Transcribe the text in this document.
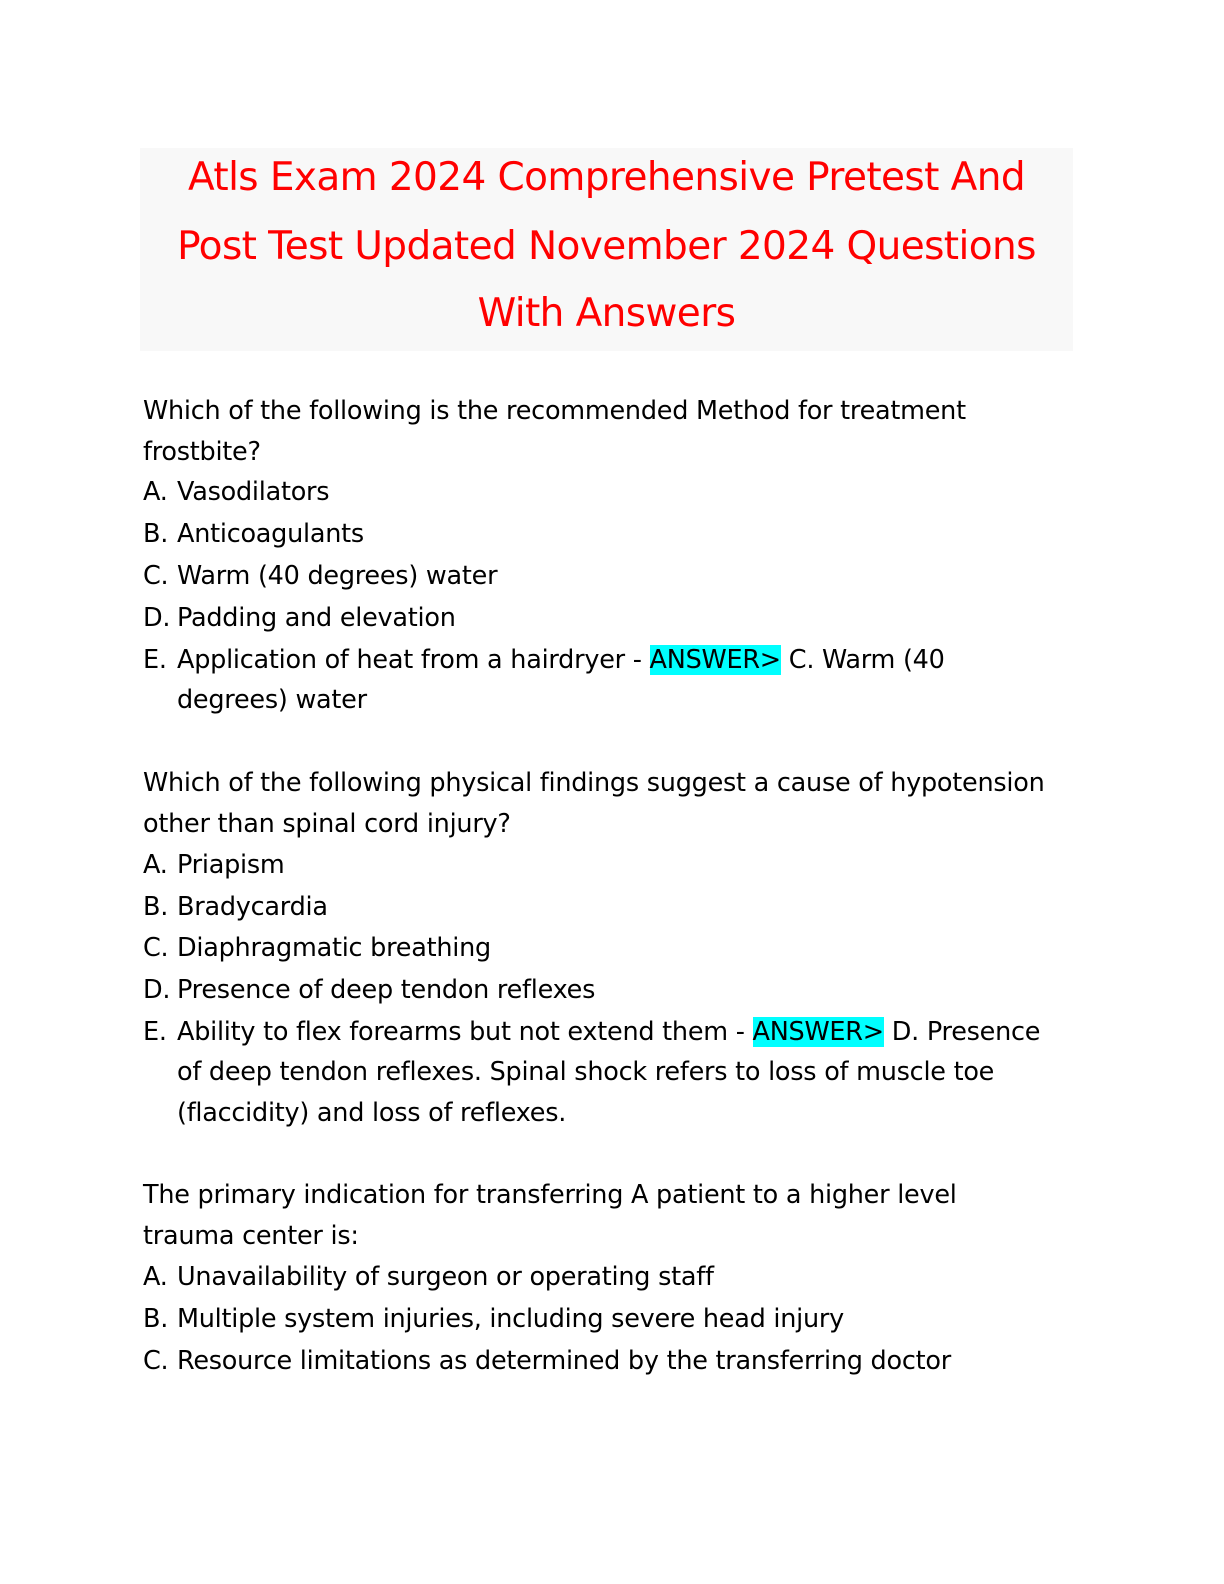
Atls Exam 2024 Comprehensive Pretest And
Post Test Updated November 2024 Questions
With Answers
Which of the following is the recommended Method for treatment
frostbite?
A. Vasodilators
B. Anticoagulants
C. Warm (40 degrees) water
D. Padding and elevation
E. Application of heat from a hairdryer - ANSWER> C. Warm (40
degrees) water
Which of the following physical findings suggest a cause of hypotension
other than spinal cord injury?
A. Priapism
B. Bradycardia
C. Diaphragmatic breathing
D. Presence of deep tendon reflexes
E. Ability to flex forearms but not extend them - ANSWER> D. Presence
of deep tendon reflexes. Spinal shock refers to loss of muscle toe
(flaccidity) and loss of reflexes.
The primary indication for transferring A patient to a higher level
trauma center is:
A. Unavailability of surgeon or operating staff
B. Multiple system injuries, including severe head injury
C. Resource limitations as determined by the transferring doctor
